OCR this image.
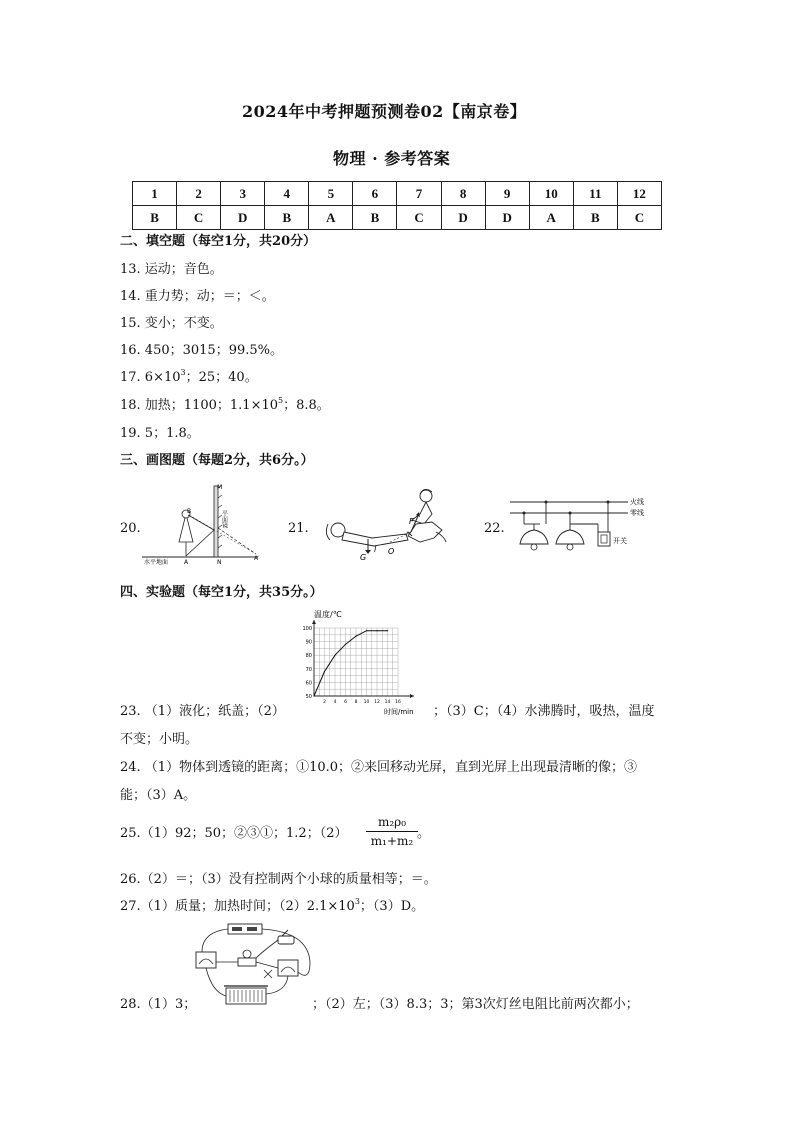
2024年中考押题预测卷02【南京卷】
物理 · 参考答案
1	2	3	4	5	6	7	8	9	10	11	12
B	C	D	B	A	B	C	D	D	A	B	C
二、填空题（每空1分，共20分）
13. 运动；音色。
14. 重力势；动；＝；＜。
15. 变小；不变。
16. 450；3015；99.5%。
17. $6\times 10^3$；25；40。
18. 加热；1100；$1.1\times 10^5$；8.8。
19. 5；1.8。
三、画图题（每题2分，共6分。）
20.
M
N
B
A
A′
平面镜
水平地面
21.
G
l O
F	22.
火线
零线
开关
四、实验题（每空1分，共35分。）
温度/℃
时间/min
50
60
70
80
90
100
2 4 6 8 10 12 14 16
23. （1）液化；纸盖；（2）	；（3）C；（4）水沸腾时，吸热，温度
不变；小明。
24. （1）物体到透镜的距离；①10.0；②来回移动光屏，直到光屏上出现最清晰的像；③
能；（3）A。
25.（1）92；50；②③①；1.2；（2）
m₂ρ₀
m₁+m₂ 。
26.（2）＝；（3）没有控制两个小球的质量相等；＝。
27.（1）质量；加热时间；$(2)2.1\times 10^3$；（3）D。
28.（1）3；	；（2）左；（3）8.3；3；第3次灯丝电阻比前两次都小；
